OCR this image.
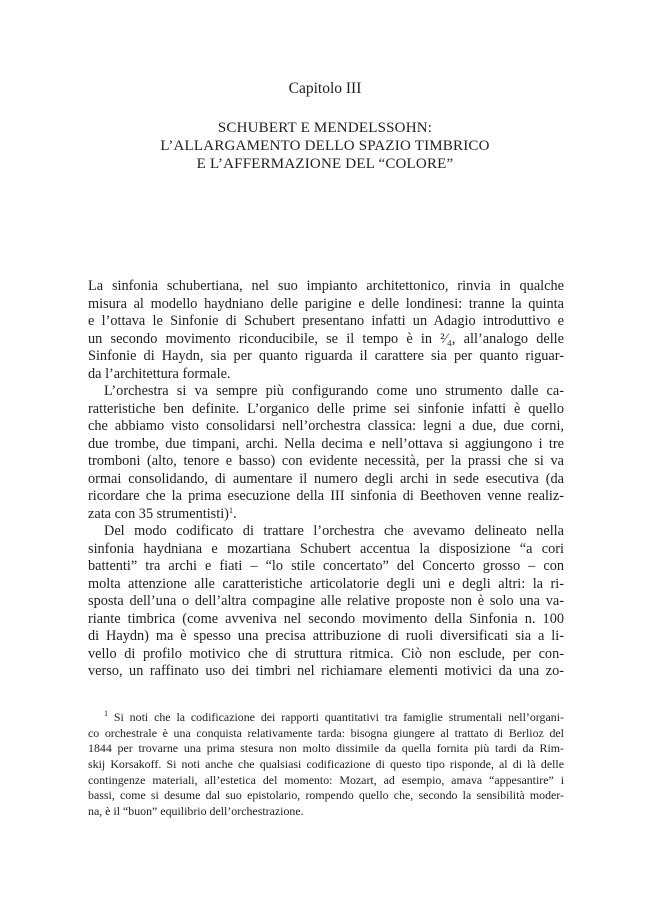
Capitolo III
SCHUBERT E MENDELSSOHN:
L’ALLARGAMENTO DELLO SPAZIO TIMBRICO
E L’AFFERMAZIONE DEL “COLORE”
La sinfonia schubertiana, nel suo impianto architettonico, rinvia in qualche
misura al modello haydniano delle parigine e delle londinesi: tranne la quinta
e l’ottava le Sinfonie di Schubert presentano infatti un Adagio introduttivo e
un secondo movimento riconducibile, se il tempo è in ²⁄₄, all’analogo delle
Sinfonie di Haydn, sia per quanto riguarda il carattere sia per quanto riguar-
da l’architettura formale.
L’orchestra si va sempre più configurando come uno strumento dalle ca-
ratteristiche ben definite. L’organico delle prime sei sinfonie infatti è quello
che abbiamo visto consolidarsi nell’orchestra classica: legni a due, due corni,
due trombe, due timpani, archi. Nella decima e nell’ottava si aggiungono i tre
tromboni (alto, tenore e basso) con evidente necessità, per la prassi che si va
ormai consolidando, di aumentare il numero degli archi in sede esecutiva (da
ricordare che la prima esecuzione della III sinfonia di Beethoven venne realiz-
zata con 35 strumentisti)$^1$.
Del modo codificato di trattare l’orchestra che avevamo delineato nella
sinfonia haydniana e mozartiana Schubert accentua la disposizione “a cori
battenti” tra archi e fiati – “lo stile concertato” del Concerto grosso – con
molta attenzione alle caratteristiche articolatorie degli uni e degli altri: la ri-
sposta dell’una o dell’altra compagine alle relative proposte non è solo una va-
riante timbrica (come avveniva nel secondo movimento della Sinfonia n. 100
di Haydn) ma è spesso una precisa attribuzione di ruoli diversificati sia a li-
vello di profilo motivico che di struttura ritmica. Ciò non esclude, per con-
verso, un raffinato uso dei timbri nel richiamare elementi motivici da una zo-
$^1$ Si noti che la codificazione dei rapporti quantitativi tra famiglie strumentali nell’organi-
co orchestrale è una conquista relativamente tarda: bisogna giungere al trattato di Berlioz del
1844 per trovarne una prima stesura non molto dissimile da quella fornita più tardi da Rim-
skij Korsakoff. Si noti anche che qualsiasi codificazione di questo tipo risponde, al di là delle
contingenze materiali, all’estetica del momento: Mozart, ad esempio, amava “appesantire” i
bassi, come si desume dal suo epistolario, rompendo quello che, secondo la sensibilità moder-
na, è il “buon” equilibrio dell’orchestrazione.
